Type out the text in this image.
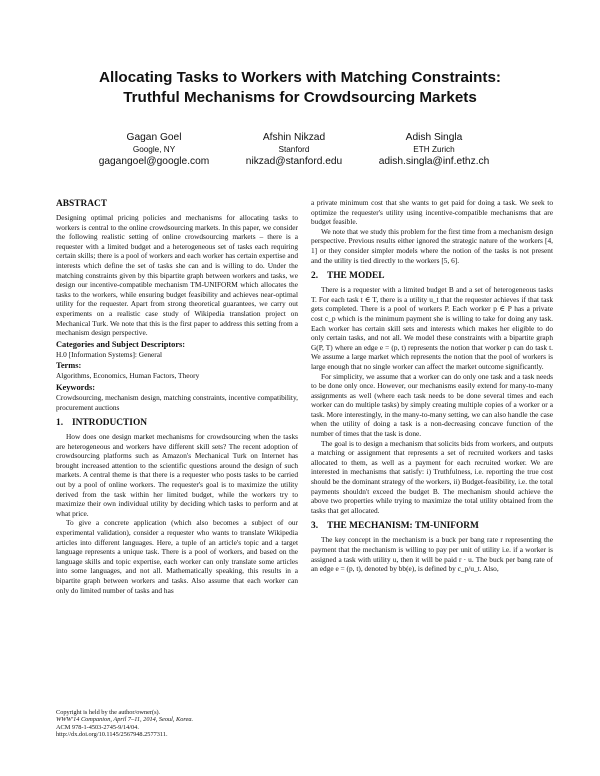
Allocating Tasks to Workers with Matching Constraints:
Truthful Mechanisms for Crowdsourcing Markets
Gagan Goel
Google, NY
gagangoel@google.com
Afshin Nikzad
Stanford
nikzad@stanford.edu
Adish Singla
ETH Zurich
adish.singla@inf.ethz.ch
ABSTRACT

Designing optimal pricing policies and mechanisms for allocating tasks to workers is central to the online crowdsourcing markets. In this paper, we consider the following realistic setting of online crowdsourcing markets – there is a requester with a limited budget and a heterogeneous set of tasks each requiring certain skills; there is a pool of workers and each worker has certain expertise and interests which define the set of tasks she can and is willing to do. Under the matching constraints given by this bipartite graph between workers and tasks, we design our incentive-compatible mechanism TM-UNIFORM which allocates the tasks to the workers, while ensuring budget feasibility and achieves near-optimal utility for the requester. Apart from strong theoretical guarantees, we carry out experiments on a realistic case study of Wikipedia translation project on Mechanical Turk. We note that this is the first paper to address this setting from a mechanism design perspective.

Categories and Subject Descriptors:

H.0 [Information Systems]: General

Terms:

Algorithms, Economics, Human Factors, Theory

Keywords:

Crowdsourcing, mechanism design, matching constraints, incentive compatibility, procurement auctions

1. INTRODUCTION

How does one design market mechanisms for crowdsourcing when the tasks are heterogeneous and workers have different skill sets? The recent adoption of crowdsourcing platforms such as Amazon's Mechanical Turk on Internet has brought increased attention to the scientific questions around the design of such markets. A central theme is that there is a requester who posts tasks to be carried out by a pool of online workers. The requester's goal is to maximize the utility derived from the task within her limited budget, while the workers try to maximize their own individual utility by deciding which tasks to perform and at what price.

To give a concrete application (which also becomes a subject of our experimental validation), consider a requester who wants to translate Wikipedia articles into different languages. Here, a tuple of an article's topic and a target language represents a unique task. There is a pool of workers, and based on the language skills and topic expertise, each worker can only translate some articles into some languages, and not all. Mathematically speaking, this results in a bipartite graph between workers and tasks. Also assume that each worker can only do limited number of tasks and has

a private minimum cost that she wants to get paid for doing a task. We seek to optimize the requester's utility using incentive-compatible mechanisms that are budget feasible.

We note that we study this problem for the first time from a mechanism design perspective. Previous results either ignored the strategic nature of the workers [4, 1] or they consider simpler models where the notion of the tasks is not present and the utility is tied directly to the workers [5, 6].

2. THE MODEL

There is a requester with a limited budget B and a set of heterogeneous tasks T. For each task t ∈ T, there is a utility u_t that the requester achieves if that task gets completed. There is a pool of workers P. Each worker p ∈ P has a private cost c_p which is the minimum payment she is willing to take for doing any task. Each worker has certain skill sets and interests which makes her eligible to do only certain tasks, and not all. We model these constraints with a bipartite graph G(P, T) where an edge e = (p, t) represents the notion that worker p can do task t. We assume a large market which represents the notion that the pool of workers is large enough that no single worker can affect the market outcome significantly.

For simplicity, we assume that a worker can do only one task and a task needs to be done only once. However, our mechanisms easily extend for many-to-many assignments as well (where each task needs to be done several times and each worker can do multiple tasks) by simply creating multiple copies of a worker or a task. More interestingly, in the many-to-many setting, we can also handle the case when the utility of doing a task is a non-decreasing concave function of the number of times that the task is done.

The goal is to design a mechanism that solicits bids from workers, and outputs a matching or assignment that represents a set of recruited workers and tasks allocated to them, as well as a payment for each recruited worker. We are interested in mechanisms that satisfy: i) Truthfulness, i.e. reporting the true cost should be the dominant strategy of the workers, ii) Budget-feasibility, i.e. the total payments shouldn't exceed the budget B. The mechanism should achieve the above two properties while trying to maximize the total utility obtained from the tasks that get allocated.

3. THE MECHANISM: TM-UNIFORM

The key concept in the mechanism is a buck per bang rate r representing the payment that the mechanism is willing to pay per unit of utility i.e. if a worker is assigned a task with utility u, then it will be paid r · u. The buck per bang rate of an edge e = (p, t), denoted by bb(e), is defined by c_p/u_t. Also,

Copyright is held by the author/owner(s).
WWW'14 Companion, April 7–11, 2014, Seoul, Korea.
ACM 978-1-4503-2745-9/14/04.
http://dx.doi.org/10.1145/2567948.2577311.
